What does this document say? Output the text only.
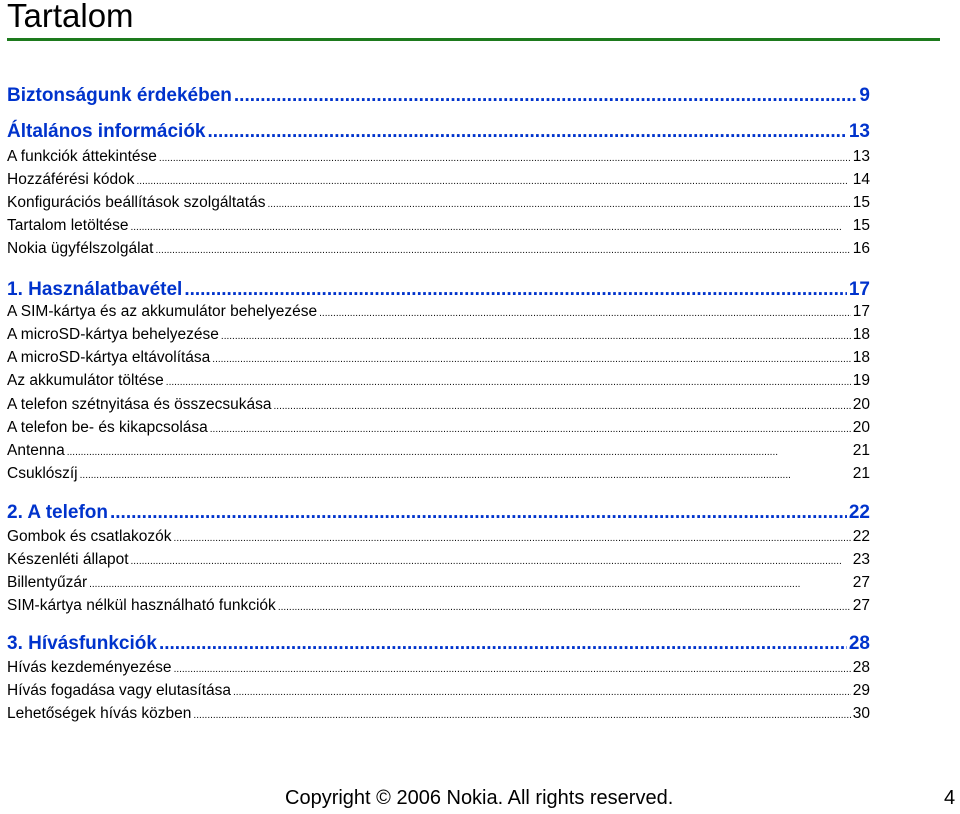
Tartalom
Biztonságunk érdekében .....	9
Általános információk .....	13
A funkciók áttekintése .....	13
Hozzáférési kódok .....	14
Konfigurációs beállítások szolgáltatás .....	15
Tartalom letöltése .....	15
Nokia ügyfélszolgálat .....	16
1. Használatbavétel .....	17
A SIM-kártya és az akkumulátor behelyezése .....	17
A microSD-kártya behelyezése .....	18
A microSD-kártya eltávolítása .....	18
Az akkumulátor töltése .....	19
A telefon szétnyitása és összecsukása .....	20
A telefon be- és kikapcsolása .....	20
Antenna .....	21
Csuklószíj .....	21
2. A telefon .....	22
Gombok és csatlakozók .....	22
Készenléti állapot .....	23
Billentyűzár .....	27
SIM-kártya nélkül használható funkciók .....	27
3. Hívásfunkciók .....	28
Hívás kezdeményezése .....	28
Hívás fogadása vagy elutasítása .....	29
Lehetőségek hívás közben .....	30
Copyright © 2006 Nokia. All rights reserved.	4
